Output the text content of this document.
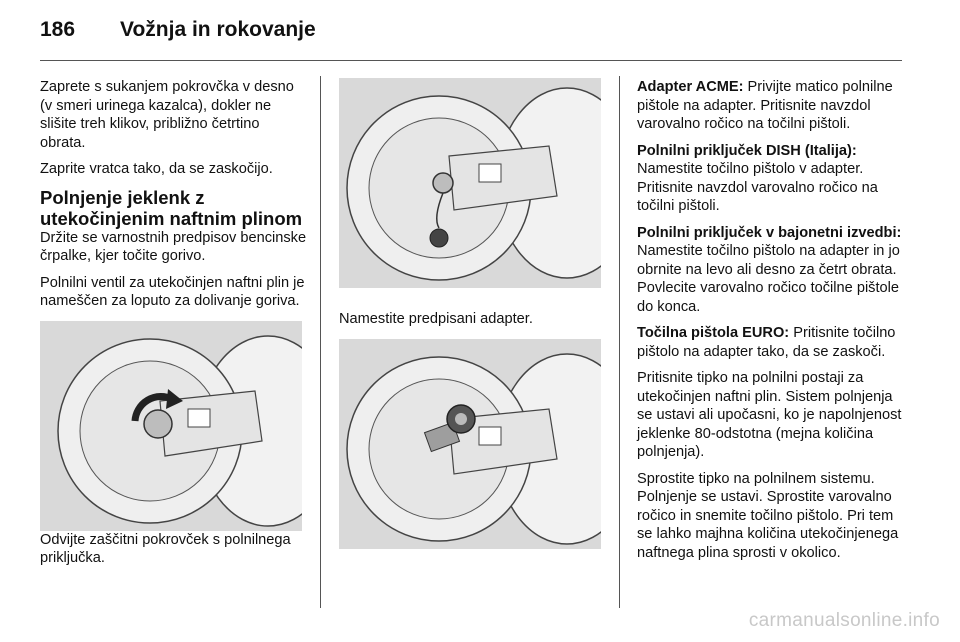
186	Vožnja in rokovanje

Zaprete s sukanjem pokrovčka v desno (v smeri urinega kazalca), dokler ne slišite treh klikov, približno četrtino obrata.

Zaprite vratca tako, da se zaskočijo.

Polnjenje jeklenk z utekočinjenim naftnim plinom

Držite se varnostnih predpisov bencinske črpalke, kjer točite gorivo.

Polnilni ventil za utekočinjen naftni plin je nameščen za loputo za dolivanje goriva.

Odvijte zaščitni pokrovček s polnilnega priključka.

Namestite predpisani adapter.

Adapter ACME: Privijte matico polnilne pištole na adapter. Pritisnite navzdol varovalno ročico na točilni pištoli.

Polnilni priključek DISH (Italija): Namestite točilno pištolo v adapter. Pritisnite navzdol varovalno ročico na točilni pištoli.

Polnilni priključek v bajonetni izvedbi: Namestite točilno pištolo na adapter in jo obrnite na levo ali desno za četrt obrata. Povlecite varovalno ročico točilne pištole do konca.

Točilna pištola EURO: Pritisnite točilno pištolo na adapter tako, da se zaskoči.

Pritisnite tipko na polnilni postaji za utekočinjen naftni plin. Sistem polnjenja se ustavi ali upočasni, ko je napolnjenost jeklenke 80-odstotna (mejna količina polnjenja).

Sprostite tipko na polnilnem sistemu. Polnjenje se ustavi. Sprostite varovalno ročico in snemite točilno pištolo. Pri tem se lahko majhna količina utekočinjenega naftnega plina sprosti v okolico.

carmanualsonline.info
